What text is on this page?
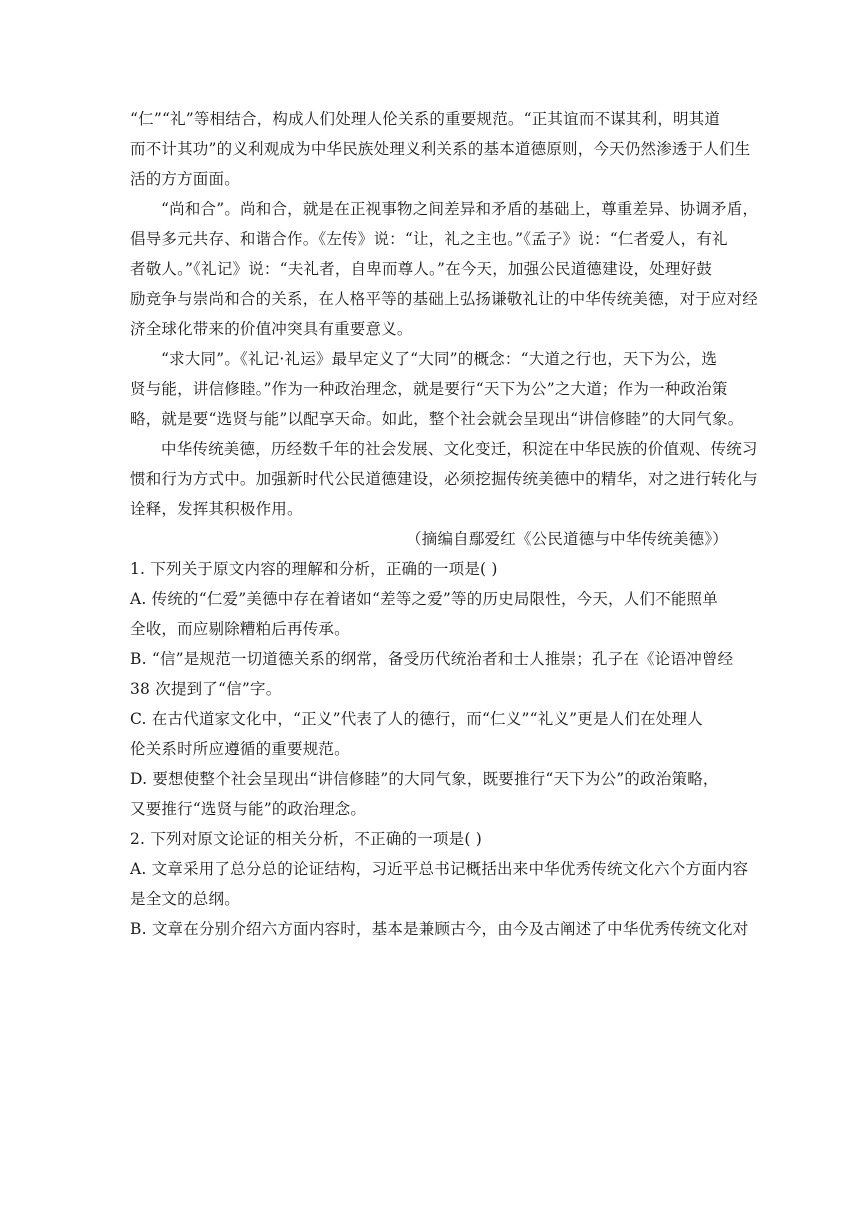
“仁”“礼”等相结合，构成人们处理人伦关系的重要规范。“正其谊而不谋其利，明其道
而不计其功”的义利观成为中华民族处理义利关系的基本道德原则，今天仍然渗透于人们生
活的方方面面。
“尚和合”。尚和合，就是在正视事物之间差异和矛盾的基础上，尊重差异、协调矛盾，
倡导多元共存、和谐合作。《左传》说：“让，礼之主也。”《孟子》说：“仁者爱人，有礼
者敬人。”《礼记》说：“夫礼者，自卑而尊人。”在今天，加强公民道德建设，处理好鼓
励竞争与崇尚和合的关系，在人格平等的基础上弘扬谦敬礼让的中华传统美德，对于应对经
济全球化带来的价值冲突具有重要意义。
“求大同”。《礼记·礼运》最早定义了“大同”的概念：“大道之行也，天下为公，选
贤与能，讲信修睦。”作为一种政治理念，就是要行“天下为公”之大道；作为一种政治策
略，就是要“选贤与能”以配享天命。如此，整个社会就会呈现出“讲信修睦”的大同气象。
中华传统美德，历经数千年的社会发展、文化变迁，积淀在中华民族的价值观、传统习
惯和行为方式中。加强新时代公民道德建设，必须挖掘传统美德中的精华，对之进行转化与
诠释，发挥其积极作用。
（摘编自鄢爱红《公民道德与中华传统美德》）
1. 下列关于原文内容的理解和分析，正确的一项是( )
A. 传统的“仁爱”美德中存在着诸如“差等之爱”等的历史局限性，今天，人们不能照单
全收，而应剔除糟粕后再传承。
B. “信”是规范一切道德关系的纲常，备受历代统治者和士人推崇；孔子在《论语冲曾经
38 次提到了“信”字。
C. 在古代道家文化中，“正义”代表了人的德行，而“仁义”“礼义”更是人们在处理人
伦关系时所应遵循的重要规范。
D. 要想使整个社会呈现出“讲信修睦”的大同气象，既要推行“天下为公”的政治策略，
又要推行“选贤与能”的政治理念。
2. 下列对原文论证的相关分析，不正确的一项是( )
A. 文章采用了总分总的论证结构，习近平总书记概括出来中华优秀传统文化六个方面内容
是全文的总纲。
B. 文章在分别介绍六方面内容时，基本是兼顾古今，由今及古阐述了中华优秀传统文化对
